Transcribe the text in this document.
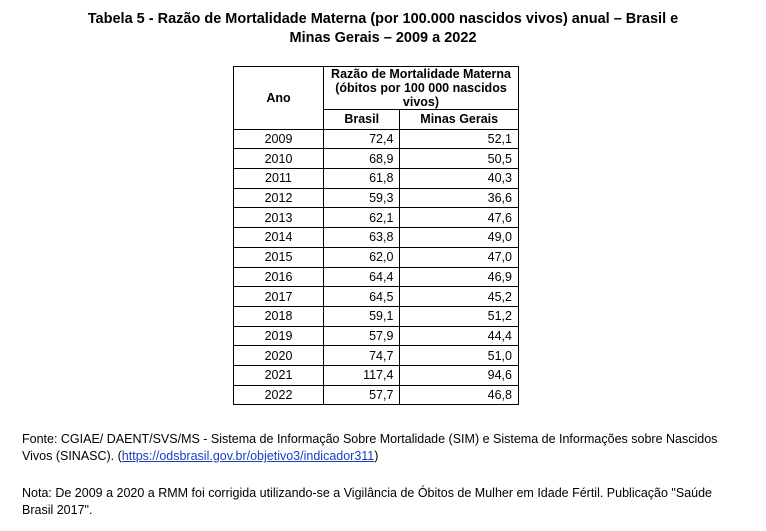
Tabela 5 - Razão de Mortalidade Materna (por 100.000 nascidos vivos) anual – Brasil e
Minas Gerais – 2009 a 2022
Ano	Razão de Mortalidade Materna (óbitos por 100 000 nascidos vivos)	
	Brasil	Minas Gerais
2009	72,4	52,1
2010	68,9	50,5
2011	61,8	40,3
2012	59,3	36,6
2013	62,1	47,6
2014	63,8	49,0
2015	62,0	47,0
2016	64,4	46,9
2017	64,5	45,2
2018	59,1	51,2
2019	57,9	44,4
2020	74,7	51,0
2021	117,4	94,6
2022	57,7	46,8
Fonte: CGIAE/ DAENT/SVS/MS - Sistema de Informação Sobre Mortalidade (SIM) e Sistema de Informações sobre Nascidos Vivos (SINASC). (https://odsbrasil.gov.br/objetivo3/indicador311)
Nota: De 2009 a 2020 a RMM foi corrigida utilizando-se a Vigilância de Óbitos de Mulher em Idade Fértil. Publicação "Saúde Brasil 2017".
